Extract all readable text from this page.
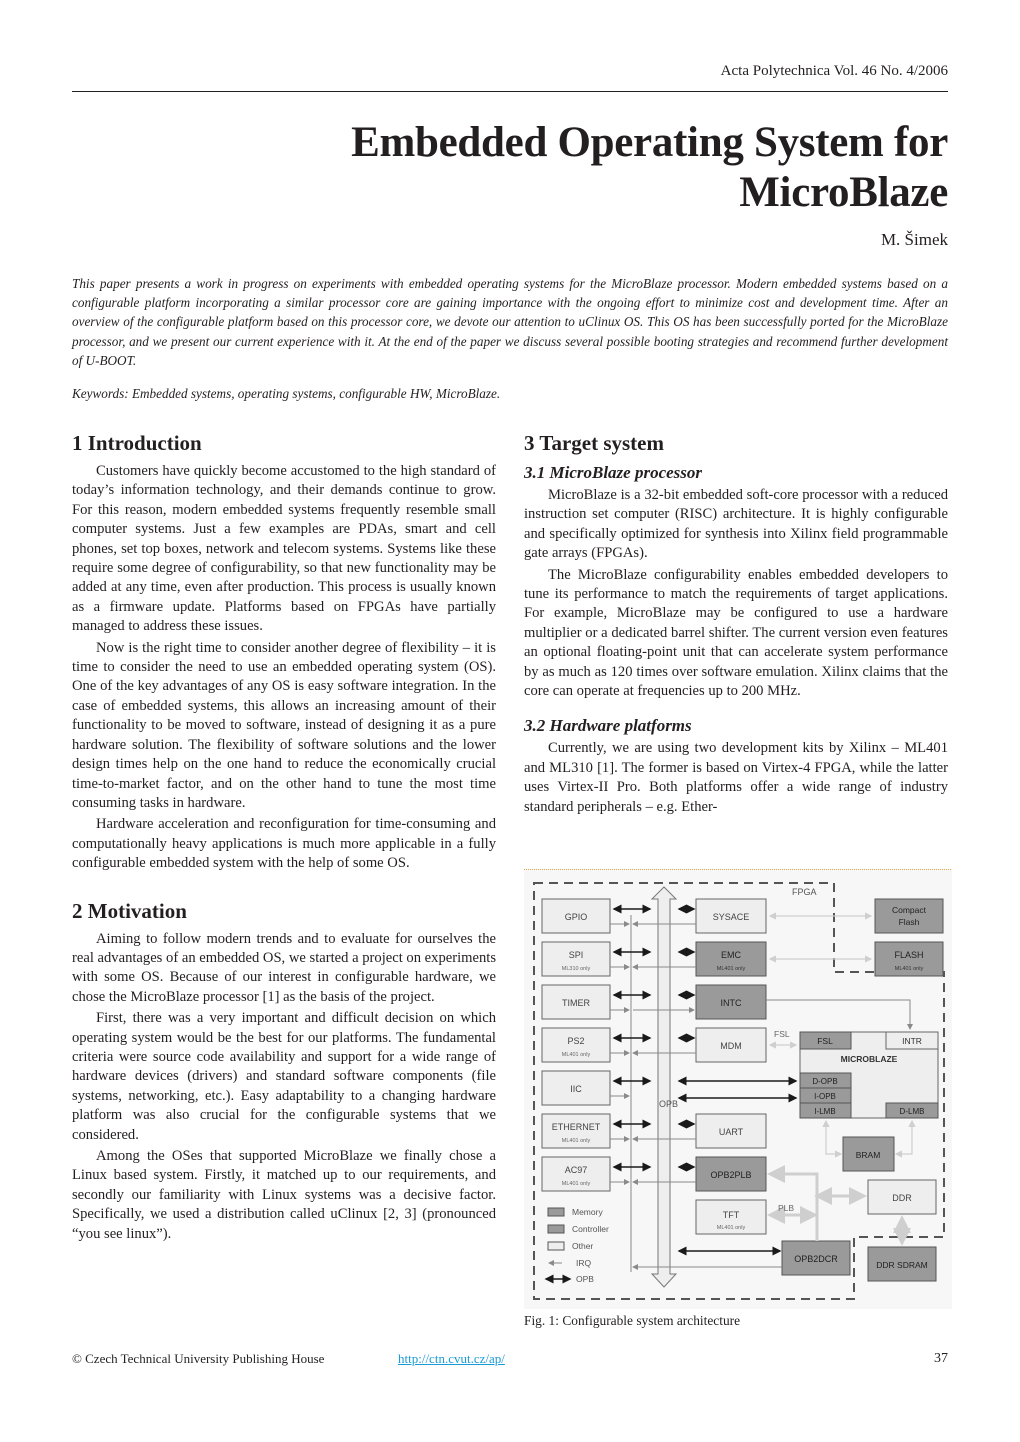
Acta Polytechnica Vol. 46 No. 4/2006
Embedded Operating System for
MicroBlaze
M. Šimek
This paper presents a work in progress on experiments with embedded operating systems for the MicroBlaze processor. Modern embedded systems based on a configurable platform incorporating a similar processor core are gaining importance with the ongoing effort to minimize cost and development time. After an overview of the configurable platform based on this processor core, we devote our attention to uClinux OS. This OS has been successfully ported for the MicroBlaze processor, and we present our current experience with it. At the end of the paper we discuss several possible booting strategies and recommend further development of U-BOOT.
Keywords: Embedded systems, operating systems, configurable HW, MicroBlaze.
1 Introduction

Customers have quickly become accustomed to the high standard of today’s information technology, and their demands continue to grow. For this reason, modern embedded systems frequently resemble small computer systems. Just a few examples are PDAs, smart and cell phones, set top boxes, network and telecom systems. Systems like these require some degree of configurability, so that new functionality may be added at any time, even after production. This process is usually known as a firmware update. Platforms based on FPGAs have partially managed to address these issues.

Now is the right time to consider another degree of flexibility – it is time to consider the need to use an embedded operating system (OS). One of the key advantages of any OS is easy software integration. In the case of embedded systems, this allows an increasing amount of their functionality to be moved to software, instead of designing it as a pure hardware solution. The flexibility of software solutions and the lower design times help on the one hand to reduce the economically crucial time-to-market factor, and on the other hand to tune the most time consuming tasks in hardware.

Hardware acceleration and reconfiguration for time-consuming and computationally heavy applications is much more applicable in a fully configurable embedded system with the help of some OS.

2 Motivation

Aiming to follow modern trends and to evaluate for ourselves the real advantages of an embedded OS, we started a project on experiments with some OS. Because of our interest in configurable hardware, we chose the MicroBlaze processor [1] as the basis of the project.

First, there was a very important and difficult decision on which operating system would be the best for our platforms. The fundamental criteria were source code availability and support for a wide range of hardware devices (drivers) and standard software components (file systems, networking, etc.). Easy adaptability to a changing hardware platform was also crucial for the configurable systems that we considered.

Among the OSes that supported MicroBlaze we finally chose a Linux based system. Firstly, it matched up to our requirements, and secondly our familiarity with Linux systems was a decisive factor. Specifically, we used a distribution called uClinux [2, 3] (pronounced “you see linux”).

3 Target system
3.1 MicroBlaze processor

MicroBlaze is a 32-bit embedded soft-core processor with a reduced instruction set computer (RISC) architecture. It is highly configurable and specifically optimized for synthesis into Xilinx field programmable gate arrays (FPGAs).

The MicroBlaze configurability enables embedded developers to tune its performance to match the requirements of target applications. For example, MicroBlaze may be configured to use a hardware multiplier or a dedicated barrel shifter. The current version even features an optional floating-point unit that can accelerate system performance by as much as 120 times over software emulation. Xilinx claims that the core can operate at frequencies up to 200 MHz.

3.2 Hardware platforms

Currently, we are using two development kits by Xilinx – ML401 and ML310 [1]. The former is based on Virtex-4 FPGA, while the latter uses Virtex-II Pro. Both platforms offer a wide range of industry standard peripherals – e.g. Ether-

FPGA
OPB
GPIO
SPI
ML310 only
TIMER
PS2
ML401 only
IIC
ETHERNET
ML401 only
AC97
ML401 only
SYSACE
EMC
ML401 only
INTC
MDM
UART
OPB2PLB
TFT
ML401 only
OPB2DCR
Compact
Flash
FLASH
ML401 only
FSL	INTR
MICROBLAZE
D-OPB
I-OPB
I-LMB	D-LMB
FSL
BRAM
DDR
DDR SDRAM
PLB
Memory
Controller
Other
IRQ
OPB
Fig. 1: Configurable system architecture
© Czech Technical University Publishing House	http://ctn.cvut.cz/ap/	37
